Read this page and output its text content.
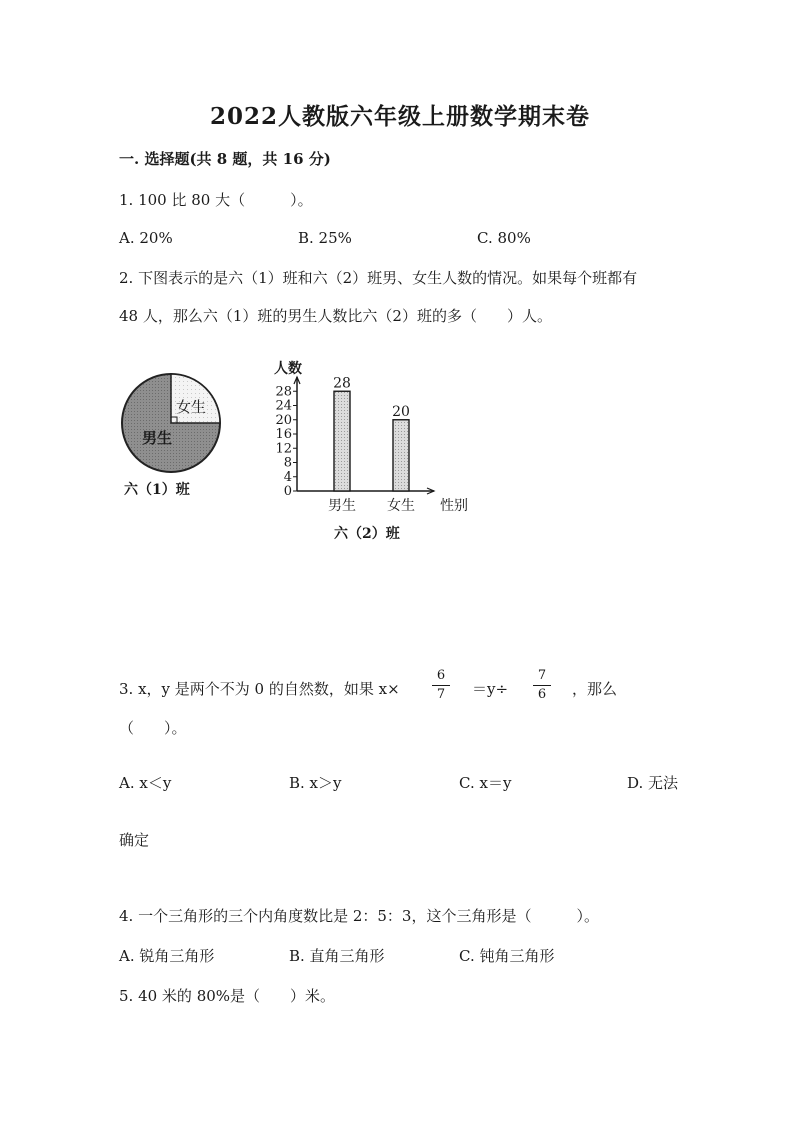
2022人教版六年级上册数学期末卷
一. 选择题(共 8 题，共 16 分)
1. 100 比 80 大（　　　）。
A. 20%	B. 25%	C. 80%
2. 下图表示的是六（1）班和六（2）班男、女生人数的情况。如果每个班都有
48 人，那么六（1）班的男生人数比六（2）班的多（　　）人。
女生
男生
六（1）班
人数
性别
六（2）班
0
4
8
12
16
20
24
28
28
男生
20
女生
3. x，y 是两个不为 0 的自然数，如果 x×
6
7	＝y÷
7
6	，那么
（　　）。
A. x＜y	B. x＞y	C. x＝y	D. 无法
确定
4. 一个三角形的三个内角度数比是 2：5：3，这个三角形是（　　　）。
A. 锐角三角形	B. 直角三角形	C. 钝角三角形
5. 40 米的 80%是（　　）米。
